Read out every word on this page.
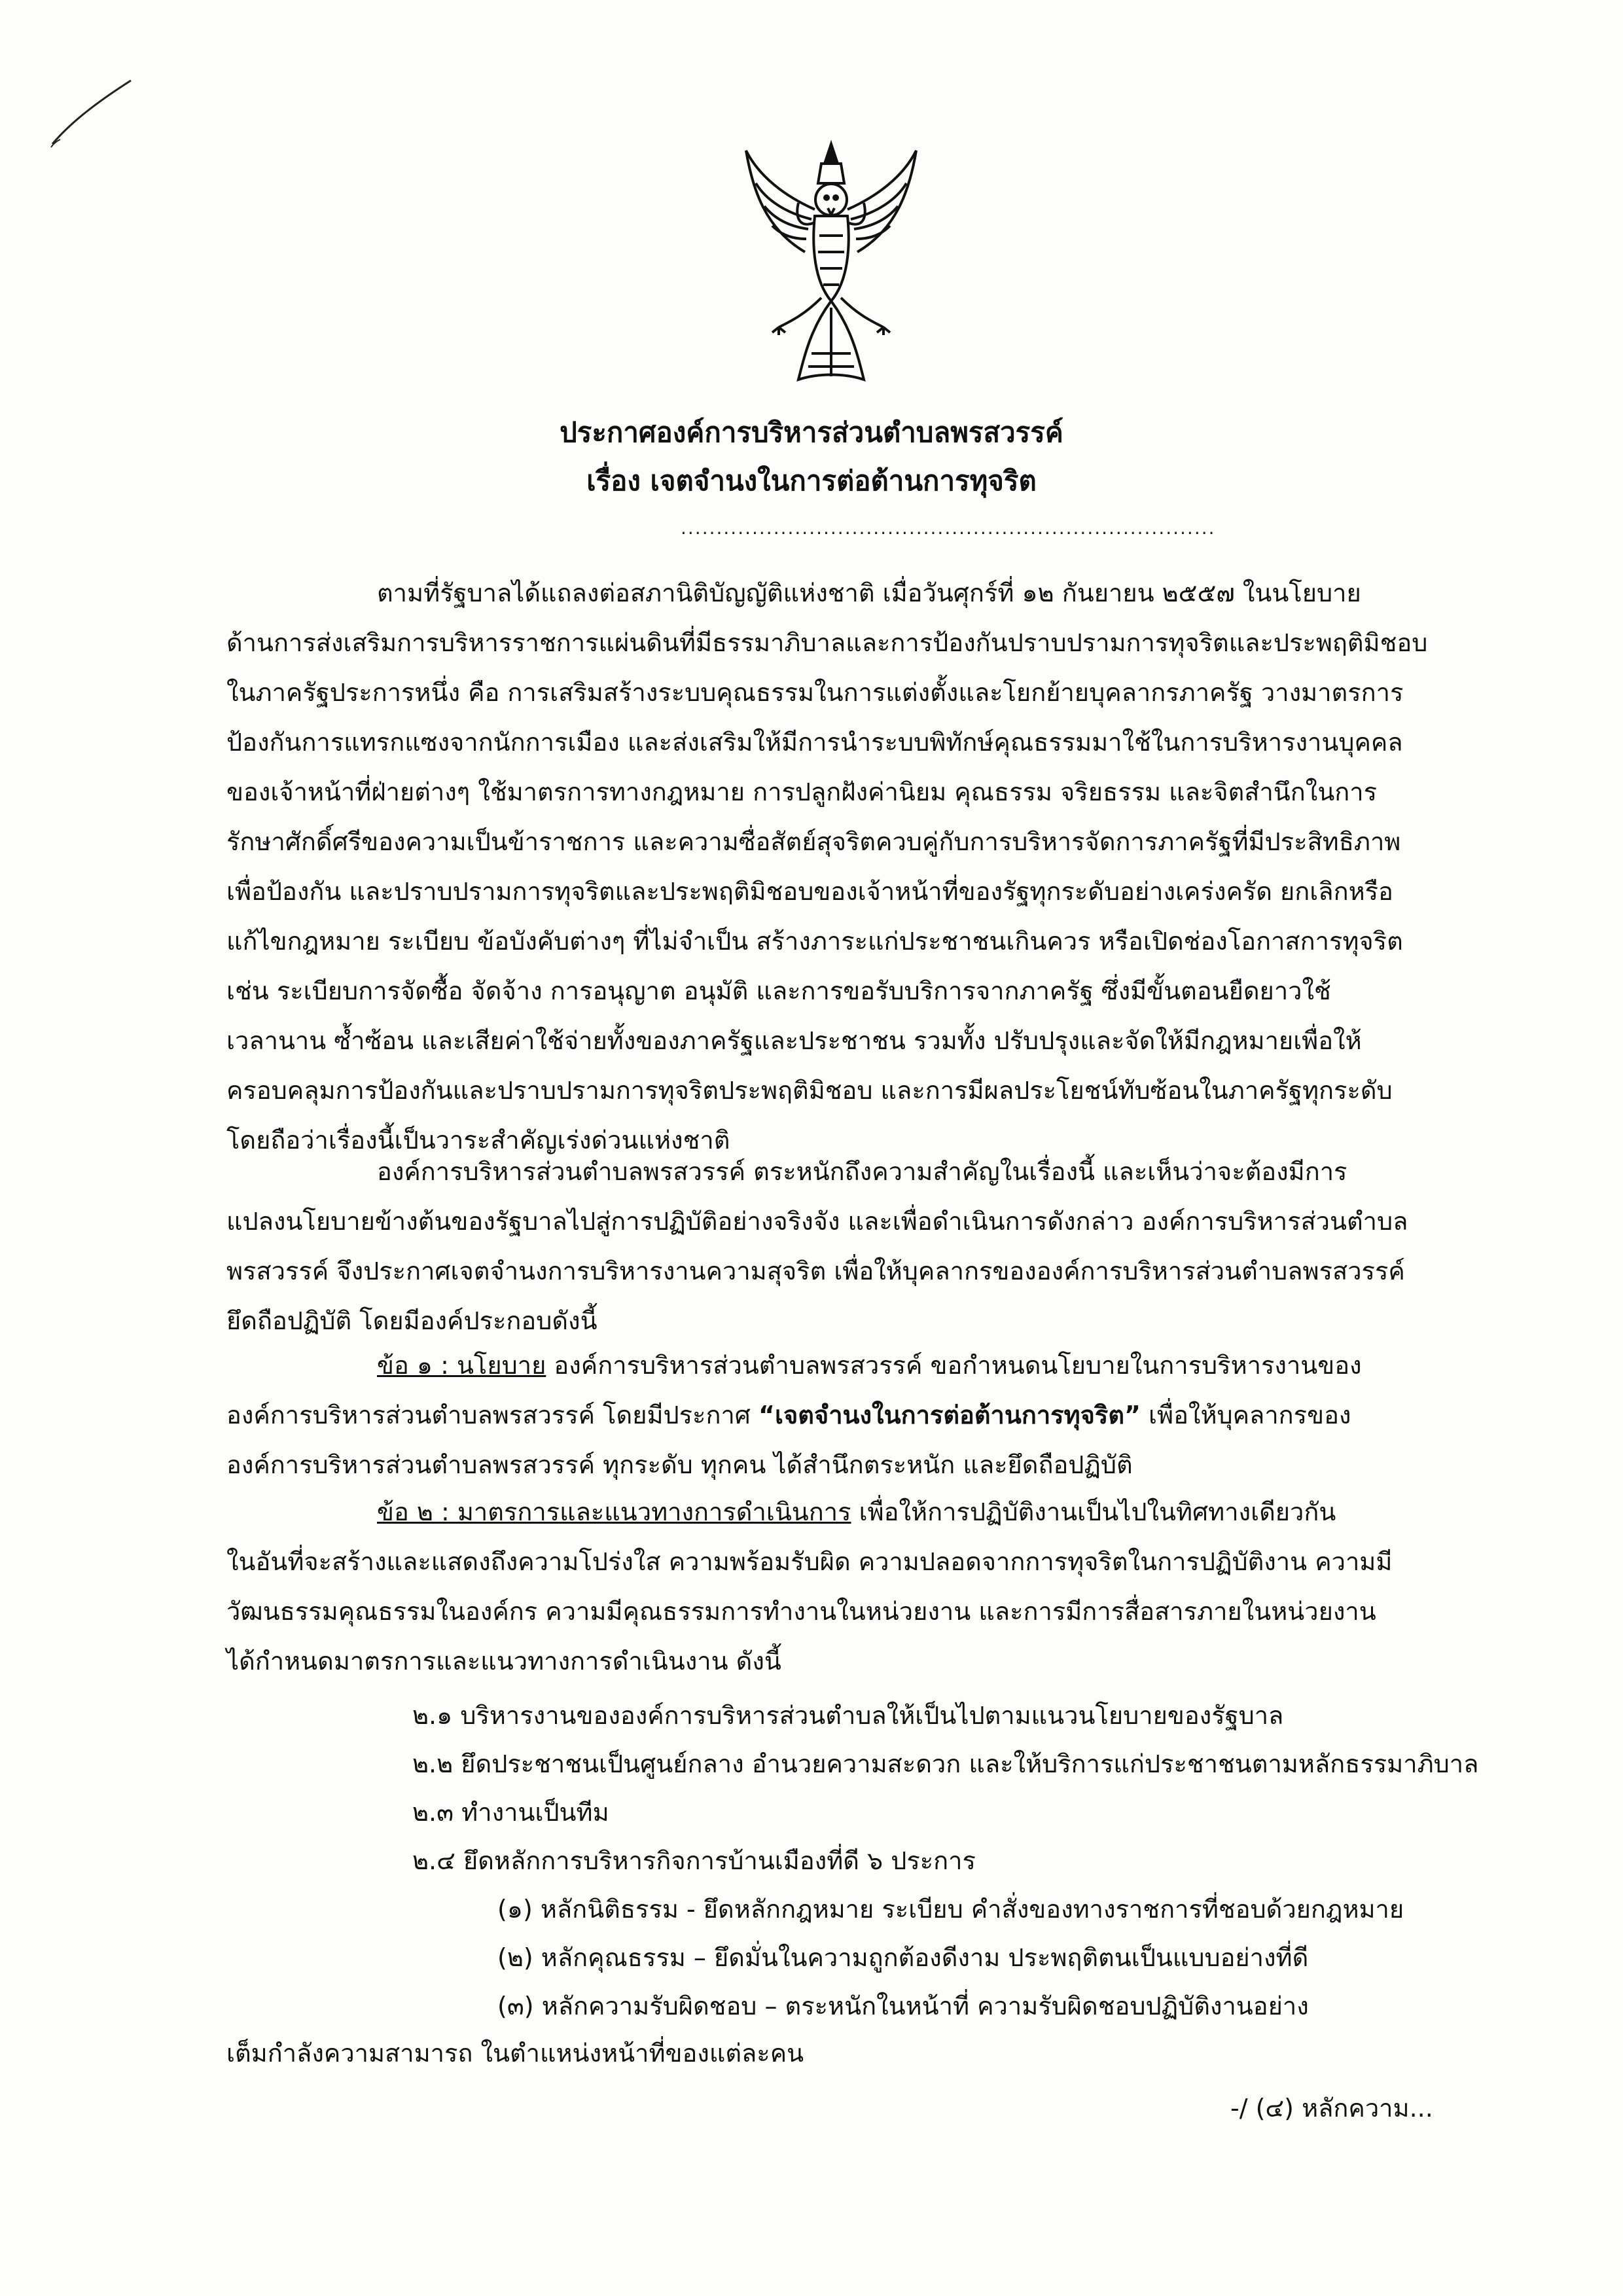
ประกาศองค์การบริหารส่วนตำบลพรสวรรค์
เรื่อง เจตจำนงในการต่อต้านการทุจริต
...........................................................................
ตามที่รัฐบาลได้แถลงต่อสภานิติบัญญัติแห่งชาติ เมื่อวันศุกร์ที่ ๑๒ กันยายน ๒๕๕๗ ในนโยบาย
ด้านการส่งเสริมการบริหารราชการแผ่นดินที่มีธรรมาภิบาลและการป้องกันปราบปรามการทุจริตและประพฤติมิชอบ
ในภาครัฐประการหนึ่ง คือ การเสริมสร้างระบบคุณธรรมในการแต่งตั้งและโยกย้ายบุคลากรภาครัฐ วางมาตรการ
ป้องกันการแทรกแซงจากนักการเมือง และส่งเสริมให้มีการนำระบบพิทักษ์คุณธรรมมาใช้ในการบริหารงานบุคคล
ของเจ้าหน้าที่ฝ่ายต่างๆ ใช้มาตรการทางกฎหมาย การปลูกฝังค่านิยม คุณธรรม จริยธรรม และจิตสำนึกในการ
รักษาศักดิ์ศรีของความเป็นข้าราชการ และความซื่อสัตย์สุจริตควบคู่กับการบริหารจัดการภาครัฐที่มีประสิทธิภาพ
เพื่อป้องกัน และปราบปรามการทุจริตและประพฤติมิชอบของเจ้าหน้าที่ของรัฐทุกระดับอย่างเคร่งครัด ยกเลิกหรือ
แก้ไขกฎหมาย ระเบียบ ข้อบังคับต่างๆ ที่ไม่จำเป็น สร้างภาระแก่ประชาชนเกินควร หรือเปิดช่องโอกาสการทุจริต
เช่น ระเบียบการจัดซื้อ จัดจ้าง การอนุญาต อนุมัติ และการขอรับบริการจากภาครัฐ ซึ่งมีขั้นตอนยืดยาวใช้
เวลานาน ซ้ำซ้อน และเสียค่าใช้จ่ายทั้งของภาครัฐและประชาชน รวมทั้ง ปรับปรุงและจัดให้มีกฎหมายเพื่อให้
ครอบคลุมการป้องกันและปราบปรามการทุจริตประพฤติมิชอบ และการมีผลประโยชน์ทับซ้อนในภาครัฐทุกระดับ
โดยถือว่าเรื่องนี้เป็นวาระสำคัญเร่งด่วนแห่งชาติ
องค์การบริหารส่วนตำบลพรสวรรค์ ตระหนักถึงความสำคัญในเรื่องนี้ และเห็นว่าจะต้องมีการ
แปลงนโยบายข้างต้นของรัฐบาลไปสู่การปฏิบัติอย่างจริงจัง และเพื่อดำเนินการดังกล่าว องค์การบริหารส่วนตำบล
พรสวรรค์ จึงประกาศเจตจำนงการบริหารงานความสุจริต เพื่อให้บุคลากรขององค์การบริหารส่วนตำบลพรสวรรค์
ยึดถือปฏิบัติ โดยมีองค์ประกอบดังนี้
ข้อ ๑ : นโยบาย องค์การบริหารส่วนตำบลพรสวรรค์ ขอกำหนดนโยบายในการบริหารงานของ
องค์การบริหารส่วนตำบลพรสวรรค์ โดยมีประกาศ “เจตจำนงในการต่อต้านการทุจริต” เพื่อให้บุคลากรของ
องค์การบริหารส่วนตำบลพรสวรรค์ ทุกระดับ ทุกคน ได้สำนึกตระหนัก และยึดถือปฏิบัติ
ข้อ ๒ : มาตรการและแนวทางการดำเนินการ เพื่อให้การปฏิบัติงานเป็นไปในทิศทางเดียวกัน
ในอันที่จะสร้างและแสดงถึงความโปร่งใส ความพร้อมรับผิด ความปลอดจากการทุจริตในการปฏิบัติงาน ความมี
วัฒนธรรมคุณธรรมในองค์กร ความมีคุณธรรมการทำงานในหน่วยงาน และการมีการสื่อสารภายในหน่วยงาน
ได้กำหนดมาตรการและแนวทางการดำเนินงาน ดังนี้
๒.๑ บริหารงานขององค์การบริหารส่วนตำบลให้เป็นไปตามแนวนโยบายของรัฐบาล
๒.๒ ยึดประชาชนเป็นศูนย์กลาง อำนวยความสะดวก และให้บริการแก่ประชาชนตามหลักธรรมาภิบาล
๒.๓ ทำงานเป็นทีม
๒.๔ ยึดหลักการบริหารกิจการบ้านเมืองที่ดี ๖ ประการ
(๑) หลักนิติธรรม - ยึดหลักกฎหมาย ระเบียบ คำสั่งของทางราชการที่ชอบด้วยกฎหมาย
(๒) หลักคุณธรรม – ยึดมั่นในความถูกต้องดีงาม ประพฤติตนเป็นแบบอย่างที่ดี
(๓) หลักความรับผิดชอบ – ตระหนักในหน้าที่ ความรับผิดชอบปฏิบัติงานอย่าง
เต็มกำลังความสามารถ ในตำแหน่งหน้าที่ของแต่ละคน
-/ (๔) หลักความ...
